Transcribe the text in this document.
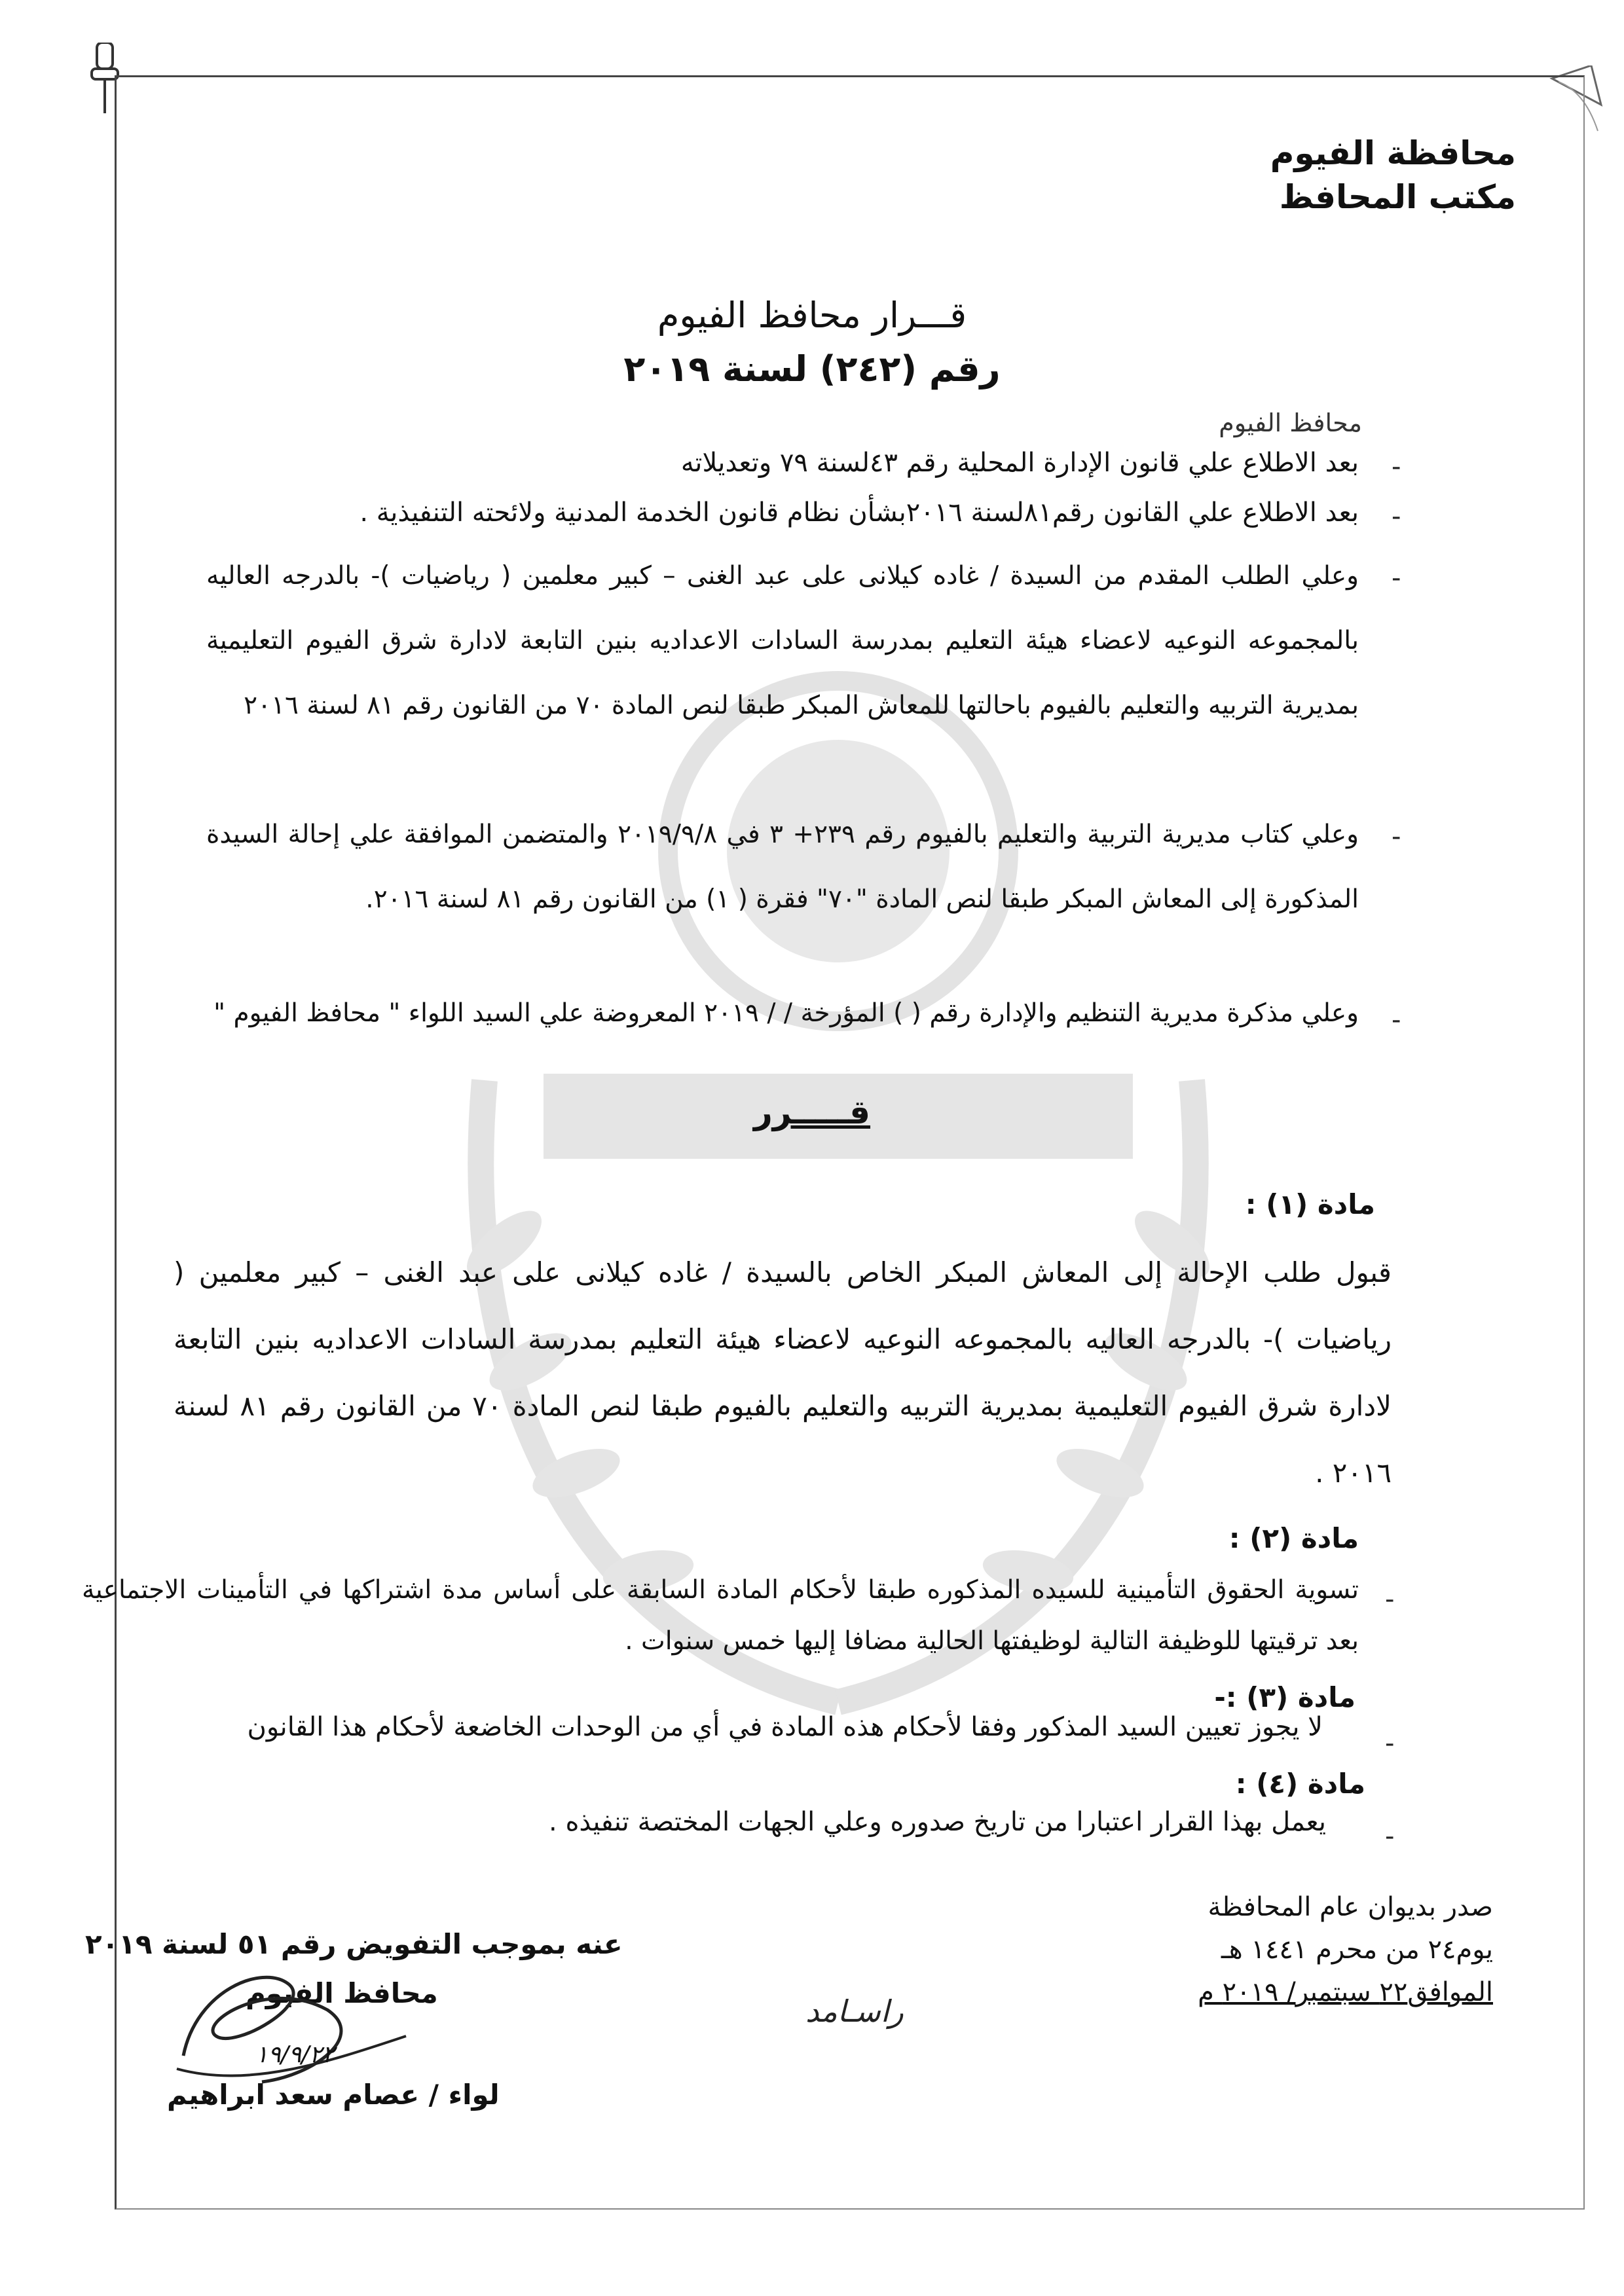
محافظة الفيوم
مكتب المحافظ
قـــرار محافظ الفيوم
رقم (٢٤٢) لسنة ٢٠١٩
محافظ الفيوم
-
بعد الاطلاع علي قانون الإدارة المحلية رقم ٤٣لسنة ٧٩ وتعديلاته
-
بعد الاطلاع علي القانون رقم٨١لسنة ٢٠١٦بشأن نظام قانون الخدمة المدنية ولائحته التنفيذية .
-
وعلي الطلب المقدم من السيدة / غاده كيلانى على عبد الغنى – كبير معلمين ( رياضيات )- بالدرجه العاليه بالمجموعه النوعيه لاعضاء هيئة التعليم بمدرسة السادات الاعداديه بنين التابعة لادارة شرق الفيوم التعليمية بمديرية التربيه والتعليم بالفيوم باحالتها للمعاش المبكر طبقا لنص المادة ٧٠ من القانون رقم ٨١ لسنة ٢٠١٦
-
وعلي كتاب مديرية التربية والتعليم بالفيوم رقم ٢٣٩+ ٣ في ٢٠١٩/٩/٨ والمتضمن الموافقة علي إحالة السيدة المذكورة إلى المعاش المبكر طبقا لنص المادة "٧٠" فقرة ( ١) من القانون رقم ٨١ لسنة ٢٠١٦.
-
وعلي مذكرة مديرية التنظيم والإدارة رقم ( ) المؤرخة / / ٢٠١٩ المعروضة علي السيد اللواء " محافظ الفيوم "
قـــــرر
مادة (١) :
قبول طلب الإحالة إلى المعاش المبكر الخاص بالسيدة / غاده كيلانى على عبد الغنى – كبير معلمين ( رياضيات )- بالدرجه العاليه بالمجموعه النوعيه لاعضاء هيئة التعليم بمدرسة السادات الاعداديه بنين التابعة لادارة شرق الفيوم التعليمية بمديرية التربيه والتعليم بالفيوم طبقا لنص المادة ٧٠ من القانون رقم ٨١ لسنة ٢٠١٦ .
مادة (٢) :
-
تسوية الحقوق التأمينية للسيده المذكوره طبقا لأحكام المادة السابقة على أساس مدة اشتراكها في التأمينات الاجتماعية بعد ترقيتها للوظيفة التالية لوظيفتها الحالية مضافا إليها خمس سنوات .
مادة (٣) :-
-
لا يجوز تعيين السيد المذكور وفقا لأحكام هذه المادة في أي من الوحدات الخاضعة لأحكام هذا القانون
مادة (٤) :
-
يعمل بهذا القرار اعتبارا من تاريخ صدوره وعلي الجهات المختصة تنفيذه .
صدر بديوان عام المحافظة
يوم٢٤ من محرم ١٤٤١ هـ
الموافق٢٢ سبتمبر/ ٢٠١٩ م
عنه بموجب التفويض رقم ٥١ لسنة ٢٠١٩
محافظ الفيوم
١٩/٩/٢٢
لواء / عصام سعد ابراهيم
راسـامد
